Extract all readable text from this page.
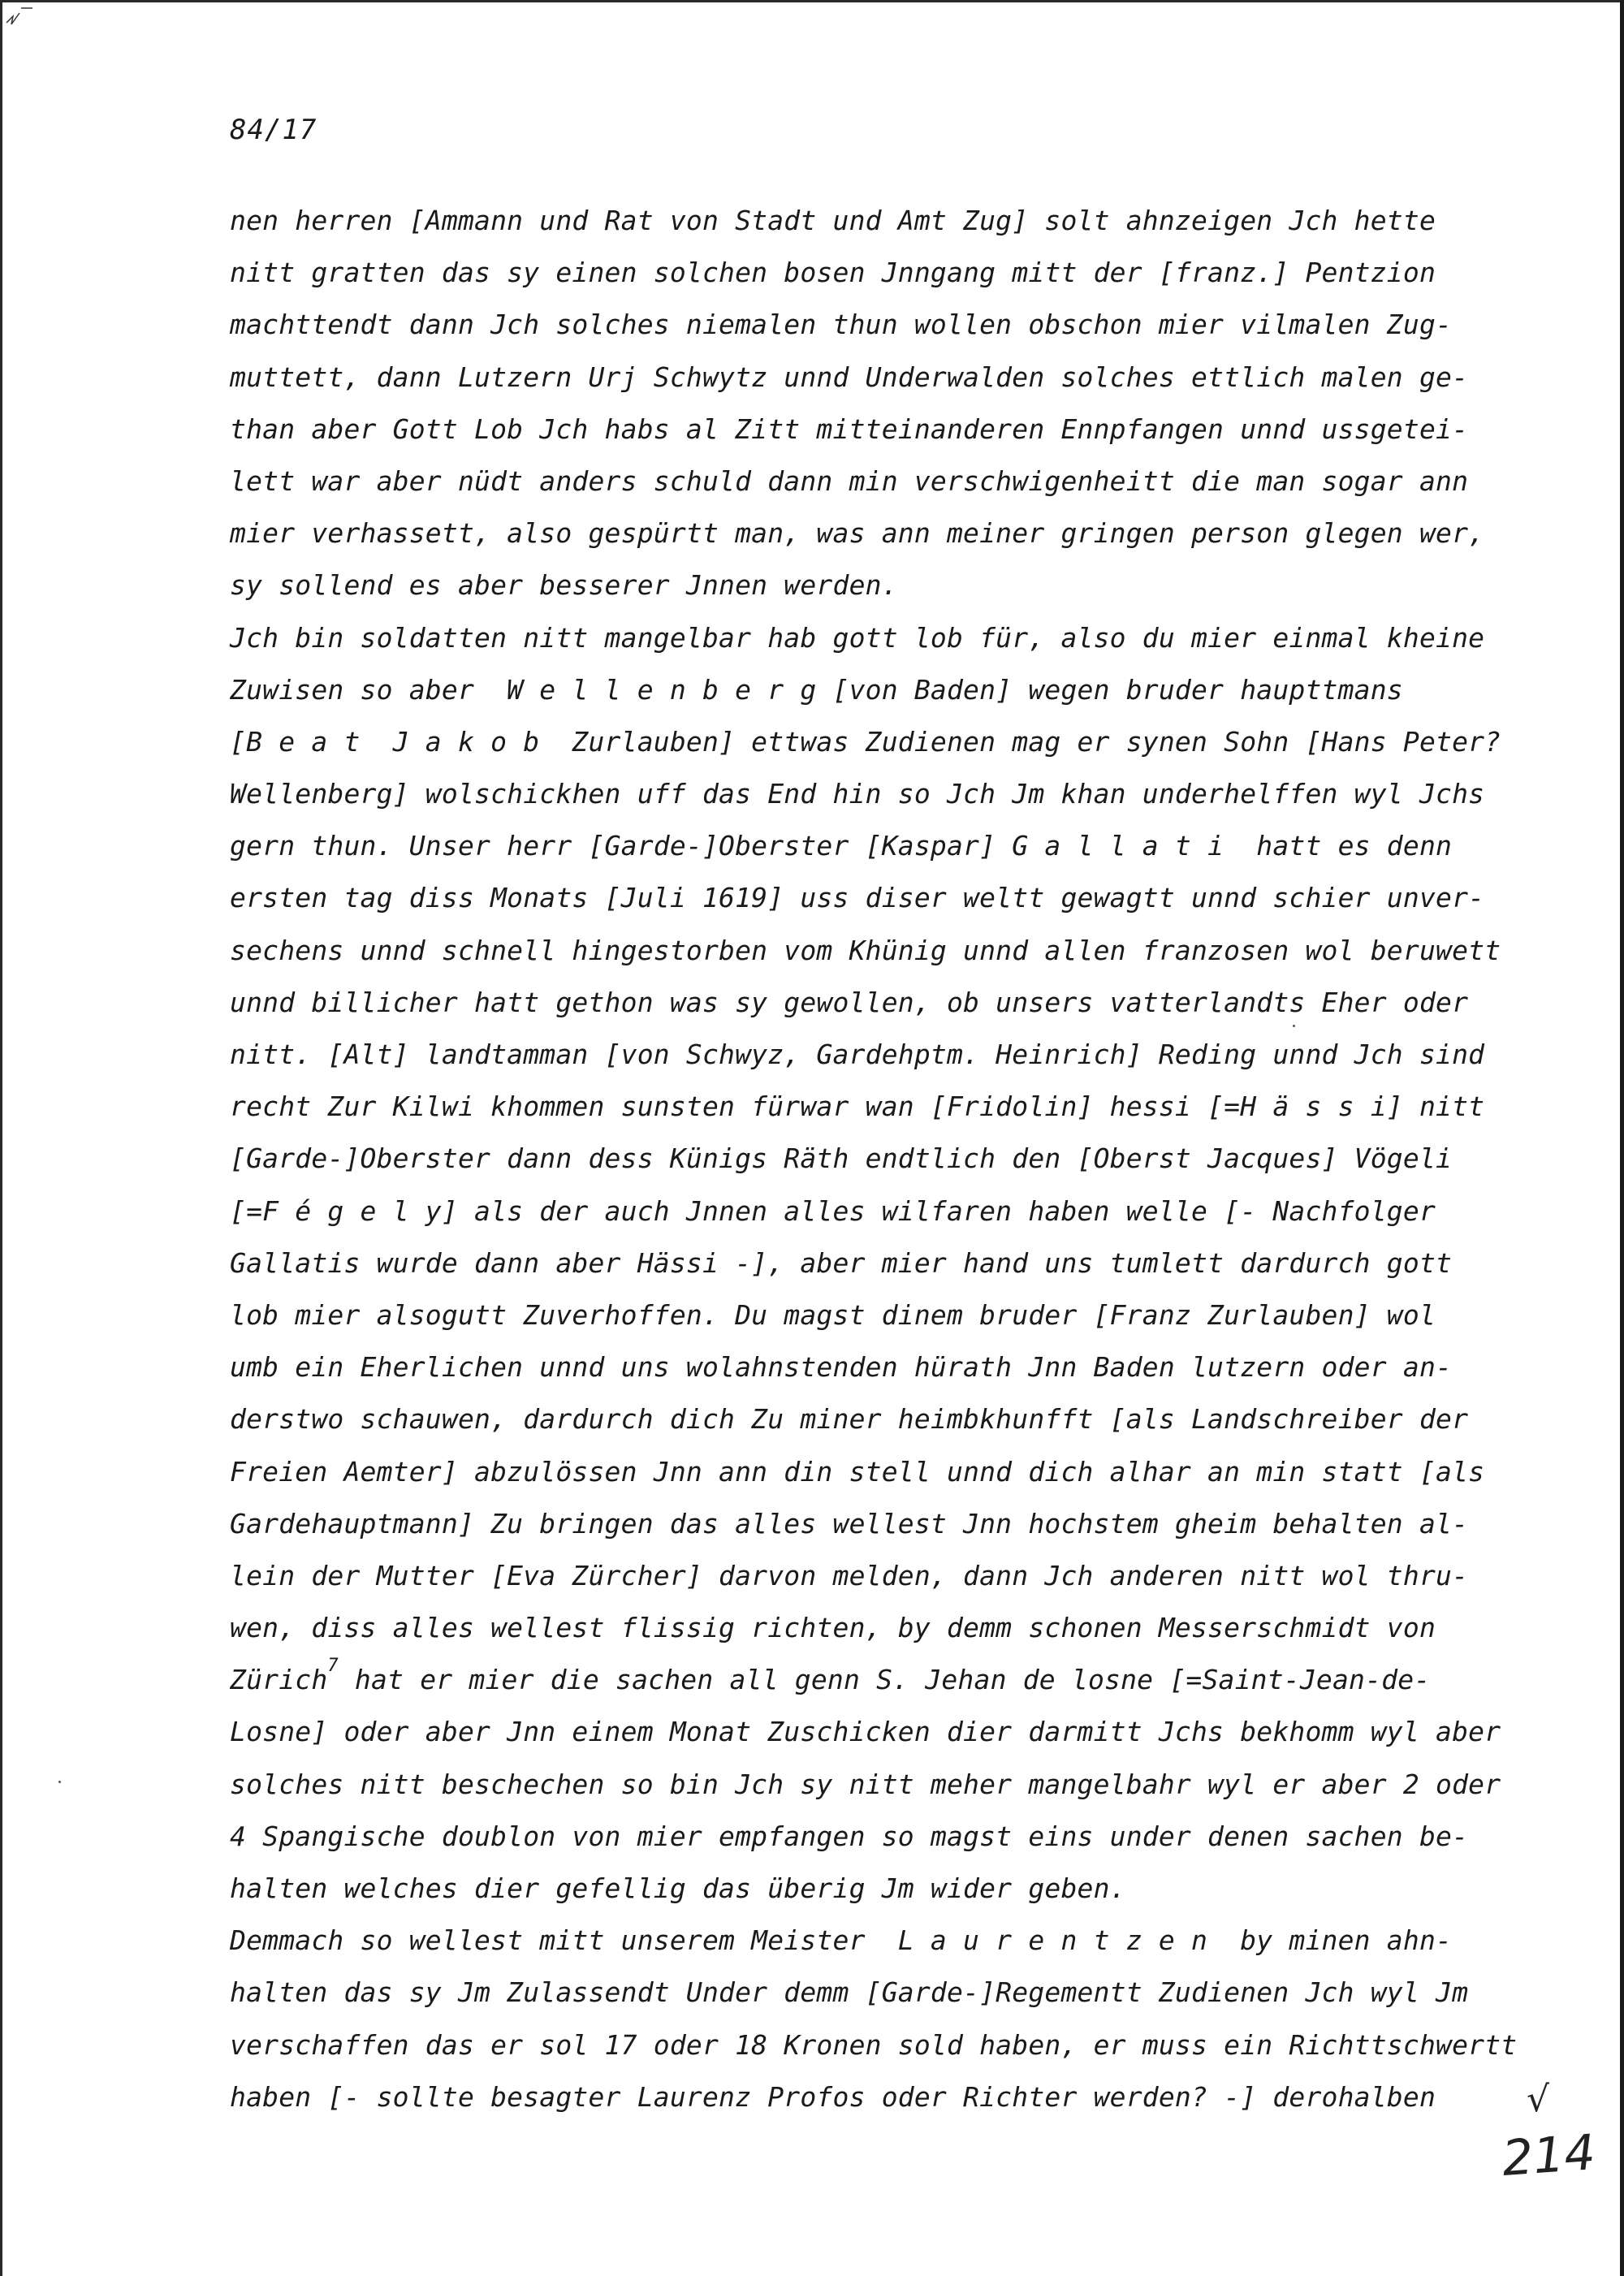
84/17
nen herren [Ammann und Rat von Stadt und Amt Zug] solt ahnzeigen Jch hette
nitt gratten das sy einen solchen bosen Jnngang mitt der [franz.] Pentzion
machttendt dann Jch solches niemalen thun wollen obschon mier vilmalen Zug-
muttett, dann Lutzern Urj Schwytz unnd Underwalden solches ettlich malen ge-
than aber Gott Lob Jch habs al Zitt mitteinanderen Ennpfangen unnd ussgetei-
lett war aber nüdt anders schuld dann min verschwigenheitt die man sogar ann
mier verhassett, also gespürtt man, was ann meiner gringen person glegen wer,
sy sollend es aber besserer Jnnen werden.
Jch bin soldatten nitt mangelbar hab gott lob für, also du mier einmal kheine
Zuwisen so aber  W e l l e n b e r g [von Baden] wegen bruder haupttmans
[B e a t  J a k o b  Zurlauben] ettwas Zudienen mag er synen Sohn [Hans Peter?
Wellenberg] wolschickhen uff das End hin so Jch Jm khan underhelffen wyl Jchs
gern thun. Unser herr [Garde-]Oberster [Kaspar] G a l l a t i  hatt es denn
ersten tag diss Monats [Juli 1619] uss diser weltt gewagtt unnd schier unver-
sechens unnd schnell hingestorben vom Khünig unnd allen franzosen wol beruwett
unnd billicher hatt gethon was sy gewollen, ob unsers vatterlandts Eher oder
nitt. [Alt] landtamman [von Schwyz, Gardehptm. Heinrich] Reding unnd Jch sind
recht Zur Kilwi khommen sunsten fürwar wan [Fridolin] hessi [=H ä s s i] nitt
[Garde-]Oberster dann dess Künigs Räth endtlich den [Oberst Jacques] Vögeli
[=F é g e l y] als der auch Jnnen alles wilfaren haben welle [- Nachfolger
Gallatis wurde dann aber Hässi -], aber mier hand uns tumlett dardurch gott
lob mier alsogutt Zuverhoffen. Du magst dinem bruder [Franz Zurlauben] wol
umb ein Eherlichen unnd uns wolahnstenden hürath Jnn Baden lutzern oder an-
derstwo schauwen, dardurch dich Zu miner heimbkhunfft [als Landschreiber der
Freien Aemter] abzulössen Jnn ann din stell unnd dich alhar an min statt [als
Gardehauptmann] Zu bringen das alles wellest Jnn hochstem gheim behalten al-
lein der Mutter [Eva Zürcher] darvon melden, dann Jch anderen nitt wol thru-
wen, diss alles wellest flissig richten, by demm schonen Messerschmidt von
Zürich$^7$ hat er mier die sachen all genn S. Jehan de losne [=Saint-Jean-de-
Losne] oder aber Jnn einem Monat Zuschicken dier darmitt Jchs bekhomm wyl aber
solches nitt beschechen so bin Jch sy nitt meher mangelbahr wyl er aber 2 oder
4 Spangische doublon von mier empfangen so magst eins under denen sachen be-
halten welches dier gefellig das überig Jm wider geben.
Demmach so wellest mitt unserem Meister  L a u r e n t z e n  by minen ahn-
halten das sy Jm Zulassendt Under demm [Garde-]Regementt Zudienen Jch wyl Jm
verschaffen das er sol 17 oder 18 Kronen sold haben, er muss ein Richttschwertt
haben [- sollte besagter Laurenz Profos oder Richter werden? -] derohalben	√
214
